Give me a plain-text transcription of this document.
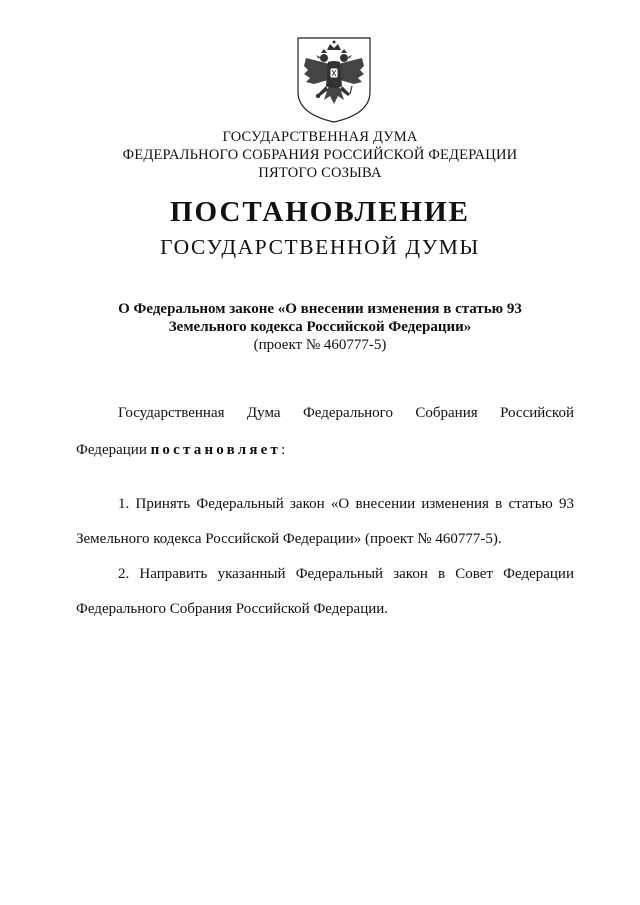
ГОСУДАРСТВЕННАЯ ДУМА

ФЕДЕРАЛЬНОГО СОБРАНИЯ РОССИЙСКОЙ ФЕДЕРАЦИИ

ПЯТОГО СОЗЫВА

ПОСТАНОВЛЕНИЕ

ГОСУДАРСТВЕННОЙ ДУМЫ

О Федеральном законе «О внесении изменения в статью 93

Земельного кодекса Российской Федерации»

(проект № 460777-5)

Государственная Дума Федерального Собрания Российской

Федерации постановляет:

1. Принять Федеральный закон «О внесении изменения в статью 93

Земельного кодекса Российской Федерации» (проект № 460777-5).

2. Направить указанный Федеральный закон в Совет Федерации

Федерального Собрания Российской Федерации.
